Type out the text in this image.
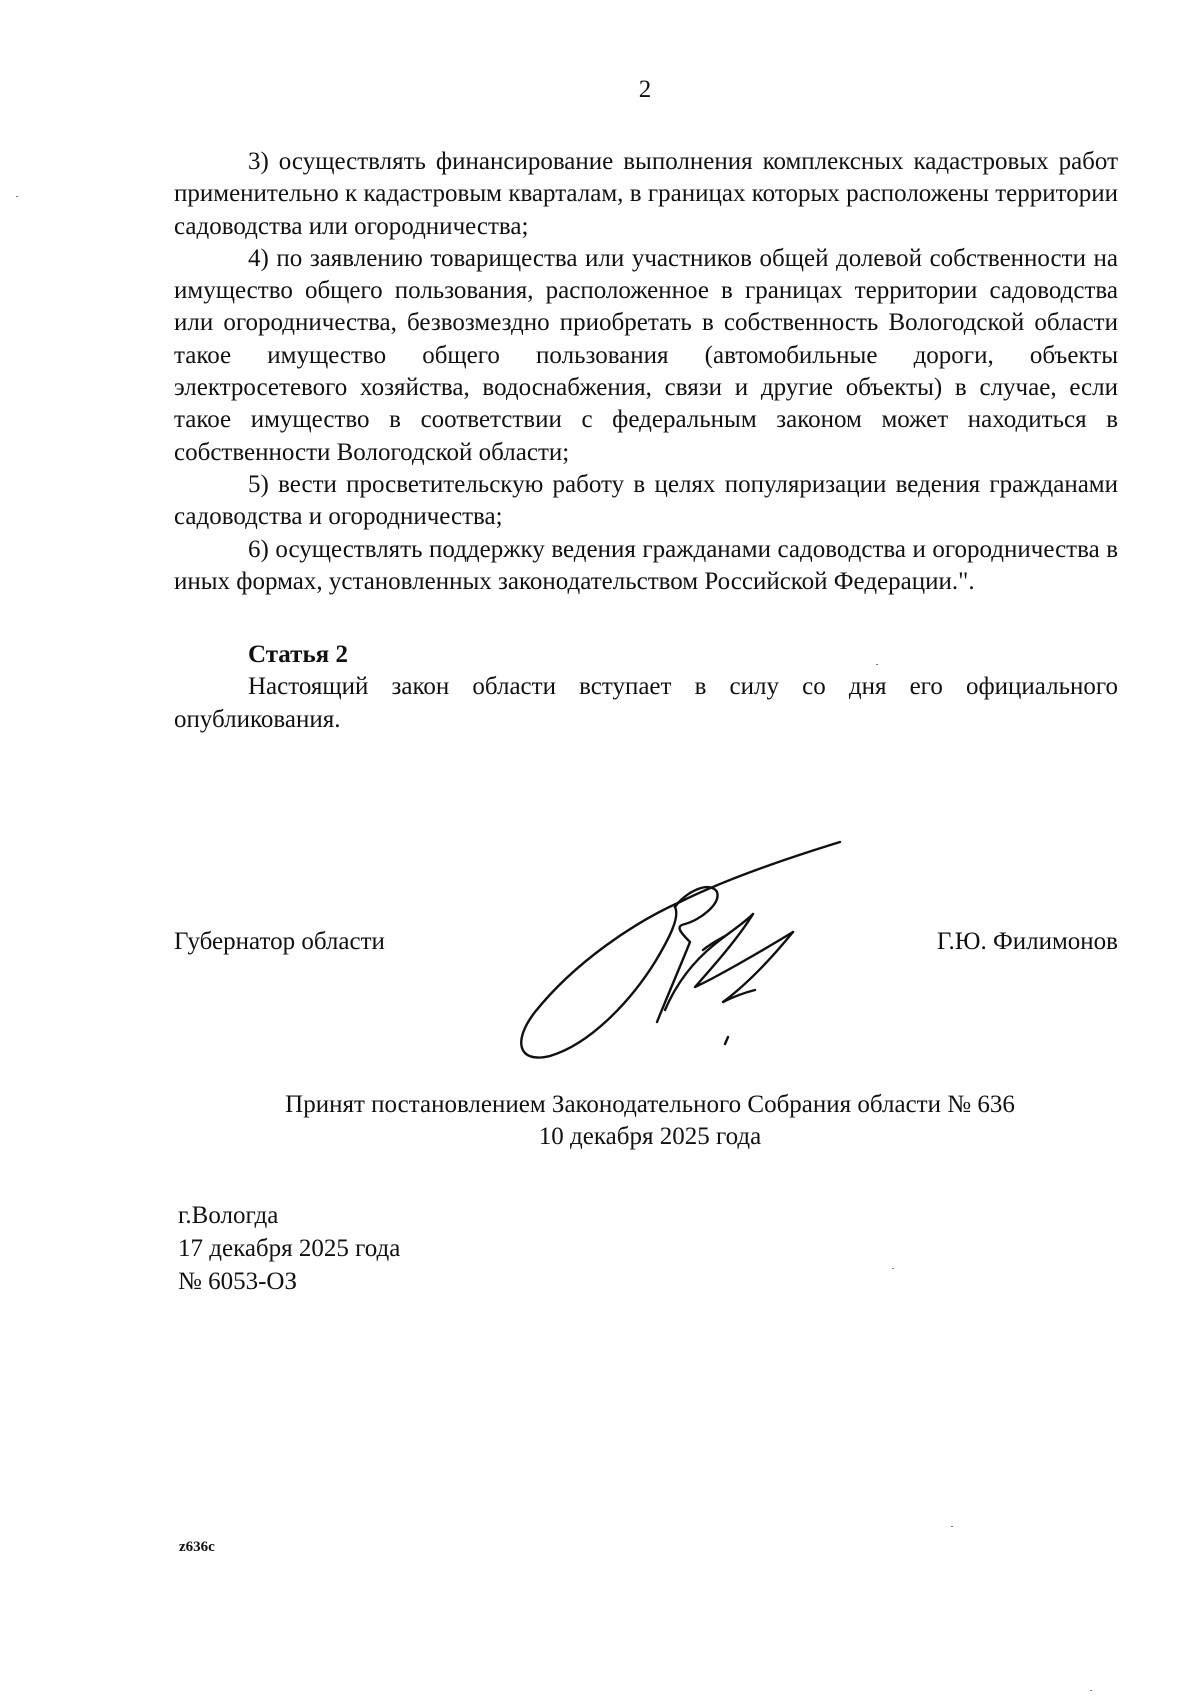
2

3) осуществлять финансирование выполнения комплексных кадастровых работ применительно к кадастровым кварталам, в границах которых расположены территории садоводства или огородничества;

4) по заявлению товарищества или участников общей долевой собственности на имущество общего пользования, расположенное в границах территории садоводства или огородничества, безвозмездно приобретать в собственность Вологодской области такое имущество общего пользования (автомобильные дороги, объекты электросетевого хозяйства, водоснабжения, связи и другие объекты) в случае, если такое имущество в соответствии с федеральным законом может находиться в собственности Вологодской области;

5) вести просветительскую работу в целях популяризации ведения гражданами садоводства и огородничества;

6) осуществлять поддержку ведения гражданами садоводства и огородничества в иных формах, установленных законодательством Российской Федерации.".

Статья 2

Настоящий закон области вступает в силу со дня его официального опубликования.

Губернатор области	Г.Ю. Филимонов
Принят постановлением Законодательного Собрания области № 636
10 декабря 2025 года
г.Вологда
17 декабря 2025 года
№ 6053-ОЗ
z636c
